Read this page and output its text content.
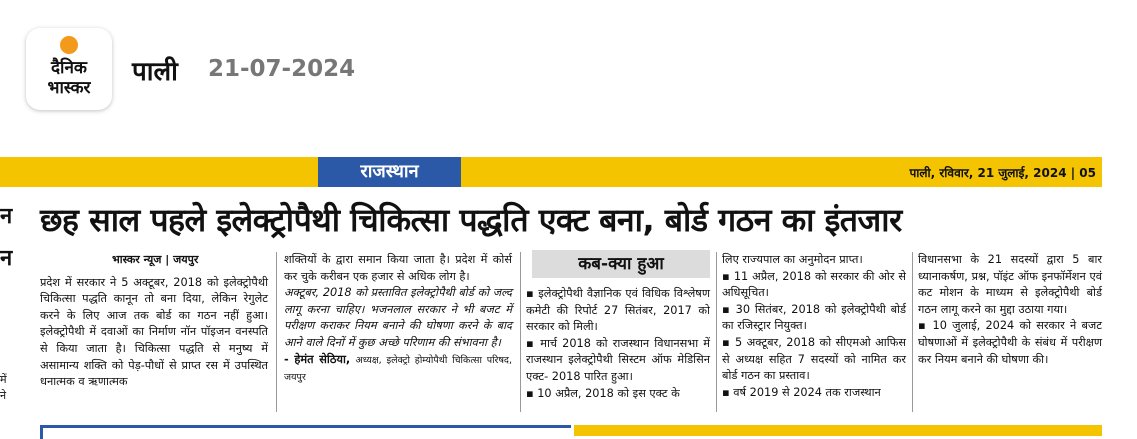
दैनिक
भास्कर
पाली 21-07-2024
राजस्थान	पाली, रविवार, 21 जुलाई, 2024 | 05
न
न
में
ने
छह साल पहले इलेक्ट्रोपैथी चिकित्सा पद्धति एक्ट बना, बोर्ड गठन का इंतजार
भास्कर न्यूज | जयपुर
प्रदेश में सरकार ने 5 अक्टूबर, 2018 को इलेक्ट्रोपैथी चिकित्सा पद्धति कानून तो बना दिया, लेकिन रेगुलेट करने के लिए आज तक बोर्ड का गठन नहीं हुआ। इलेक्ट्रोपैथी में दवाओं का निर्माण नॉन पॉइजन वनस्पति से किया जाता है। चिकित्सा पद्धति से मनुष्य में असामान्य शक्ति को पेड़-पौधों से प्राप्त रस में उपस्थित धनात्मक व ऋणात्मक
शक्तियों के द्वारा समान किया जाता है। प्रदेश में कोर्स कर चुके करीबन एक हजार से अधिक लोग है।
अक्टूबर, 2018 को प्रस्तावित इलेक्ट्रोपैथी बोर्ड को जल्द लागू करना चाहिए। भजनलाल सरकार ने भी बजट में परीक्षण कराकर नियम बनाने की घोषणा करने के बाद आने वाले दिनों में कुछ अच्छे परिणाम की संभावना है।
- हेमंत सेठिया, अध्यक्ष, इलेक्ट्रो होम्योपैथी चिकित्सा परिषद, जयपुर
कब-क्या हुआ
▪ इलेक्ट्रोपैथी वैज्ञानिक एवं विधिक विश्लेषण कमेटी की रिपोर्ट 27 सितंबर, 2017 को सरकार को मिली।
▪ मार्च 2018 को राजस्थान विधानसभा में राजस्थान इलेक्ट्रोपैथी सिस्टम ऑफ मेडिसिन एक्ट- 2018 पारित हुआ।
▪ 10 अप्रैल, 2018 को इस एक्ट के
लिए राज्यपाल का अनुमोदन प्राप्त।
▪ 11 अप्रैल, 2018 को सरकार की ओर से अधिसूचित।
▪ 30 सितंबर, 2018 को इलेक्ट्रोपैथी बोर्ड का रजिस्ट्रार नियुक्त।
▪ 5 अक्टूबर, 2018 को सीएमओ आफिस से अध्यक्ष सहित 7 सदस्यों को नामित कर बोर्ड गठन का प्रस्ताव।
▪ वर्ष 2019 से 2024 तक राजस्थान
विधानसभा के 21 सदस्यों द्वारा 5 बार ध्यानाकर्षण, प्रश्न, पॉइंट ऑफ इनफॉर्मेशन एवं कट मोशन के माध्यम से इलेक्ट्रोपैथी बोर्ड गठन लागू करने का मुद्दा उठाया गया।
▪ 10 जुलाई, 2024 को सरकार ने बजट घोषणाओं में इलेक्ट्रोपैथी के संबंध में परीक्षण कर नियम बनाने की घोषणा की।
